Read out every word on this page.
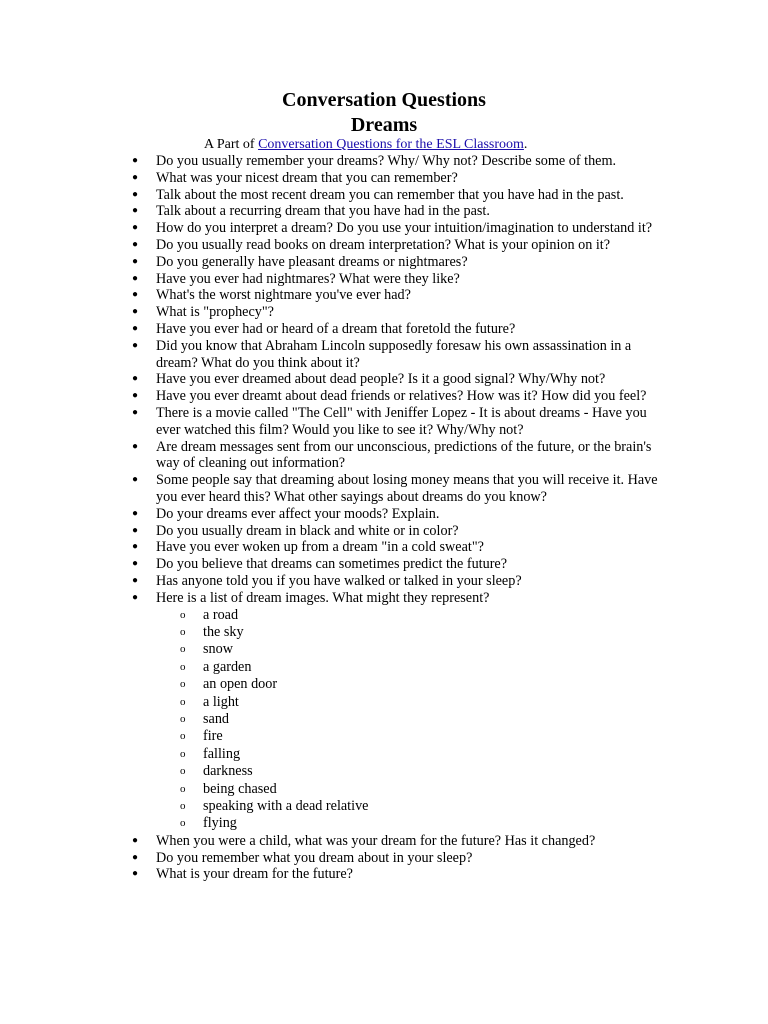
Conversation Questions
Dreams
A Part of Conversation Questions for the ESL Classroom.
● Do you usually remember your dreams? Why/ Why not? Describe some of them.
● What was your nicest dream that you can remember?
● Talk about the most recent dream you can remember that you have had in the past.
● Talk about a recurring dream that you have had in the past.
● How do you interpret a dream? Do you use your intuition/imagination to understand it?
● Do you usually read books on dream interpretation? What is your opinion on it?
● Do you generally have pleasant dreams or nightmares?
● Have you ever had nightmares? What were they like?
● What's the worst nightmare you've ever had?
● What is "prophecy"?
● Have you ever had or heard of a dream that foretold the future?
● Did you know that Abraham Lincoln supposedly foresaw his own assassination in a dream? What do you think about it?
● Have you ever dreamed about dead people? Is it a good signal? Why/Why not?
● Have you ever dreamt about dead friends or relatives? How was it? How did you feel?
● There is a movie called "The Cell" with Jeniffer Lopez - It is about dreams - Have you ever watched this film? Would you like to see it? Why/Why not?
● Are dream messages sent from our unconscious, predictions of the future, or the brain's way of cleaning out information?
● Some people say that dreaming about losing money means that you will receive it. Have you ever heard this? What other sayings about dreams do you know?
● Do your dreams ever affect your moods? Explain.
● Do you usually dream in black and white or in color?
● Have you ever woken up from a dream "in a cold sweat"?
● Do you believe that dreams can sometimes predict the future?
● Has anyone told you if you have walked or talked in your sleep?
● Here is a list of dream images. What might they represent?
o a road
o the sky
o snow
o a garden
o an open door
o a light
o sand
o fire
o falling
o darkness
o being chased
o speaking with a dead relative
o flying
● When you were a child, what was your dream for the future? Has it changed?
● Do you remember what you dream about in your sleep?
● What is your dream for the future?
